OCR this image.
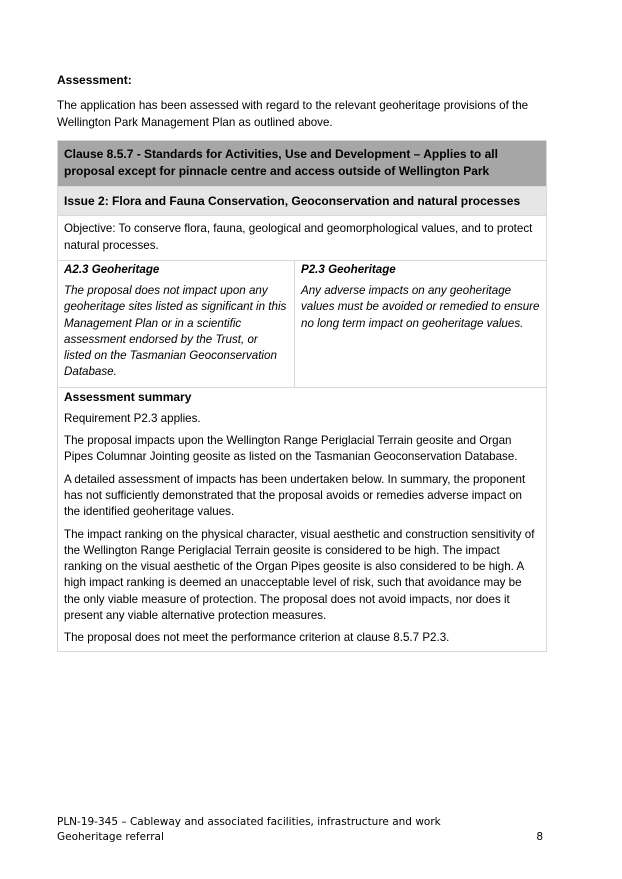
Assessment:
The application has been assessed with regard to the relevant geoheritage provisions of the Wellington Park Management Plan as outlined above.
Clause 8.5.7 - Standards for Activities, Use and Development – Applies to all proposal except for pinnacle centre and access outside of Wellington Park
Issue 2: Flora and Fauna Conservation, Geoconservation and natural processes
Objective: To conserve flora, fauna, geological and geomorphological values, and to protect natural processes.

A2.3 Geoheritage
The proposal does not impact upon any geoheritage sites listed as significant in this Management Plan or in a scientific assessment endorsed by the Trust, or listed on the Tasmanian Geoconservation Database.

P2.3 Geoheritage
Any adverse impacts on any geoheritage values must be avoided or remedied to ensure no long term impact on geoheritage values.

Assessment summary
Requirement P2.3 applies.
The proposal impacts upon the Wellington Range Periglacial Terrain geosite and Organ Pipes Columnar Jointing geosite as listed on the Tasmanian Geoconservation Database.
A detailed assessment of impacts has been undertaken below. In summary, the proponent has not sufficiently demonstrated that the proposal avoids or remedies adverse impact on the identified geoheritage values.
The impact ranking on the physical character, visual aesthetic and construction sensitivity of the Wellington Range Periglacial Terrain geosite is considered to be high. The impact ranking on the visual aesthetic of the Organ Pipes geosite is also considered to be high. A high impact ranking is deemed an unacceptable level of risk, such that avoidance may be the only viable measure of protection. The proposal does not avoid impacts, nor does it present any viable alternative protection measures.
The proposal does not meet the performance criterion at clause 8.5.7 P2.3.
PLN-19-345 – Cableway and associated facilities, infrastructure and work
Geoheritage referral	8
